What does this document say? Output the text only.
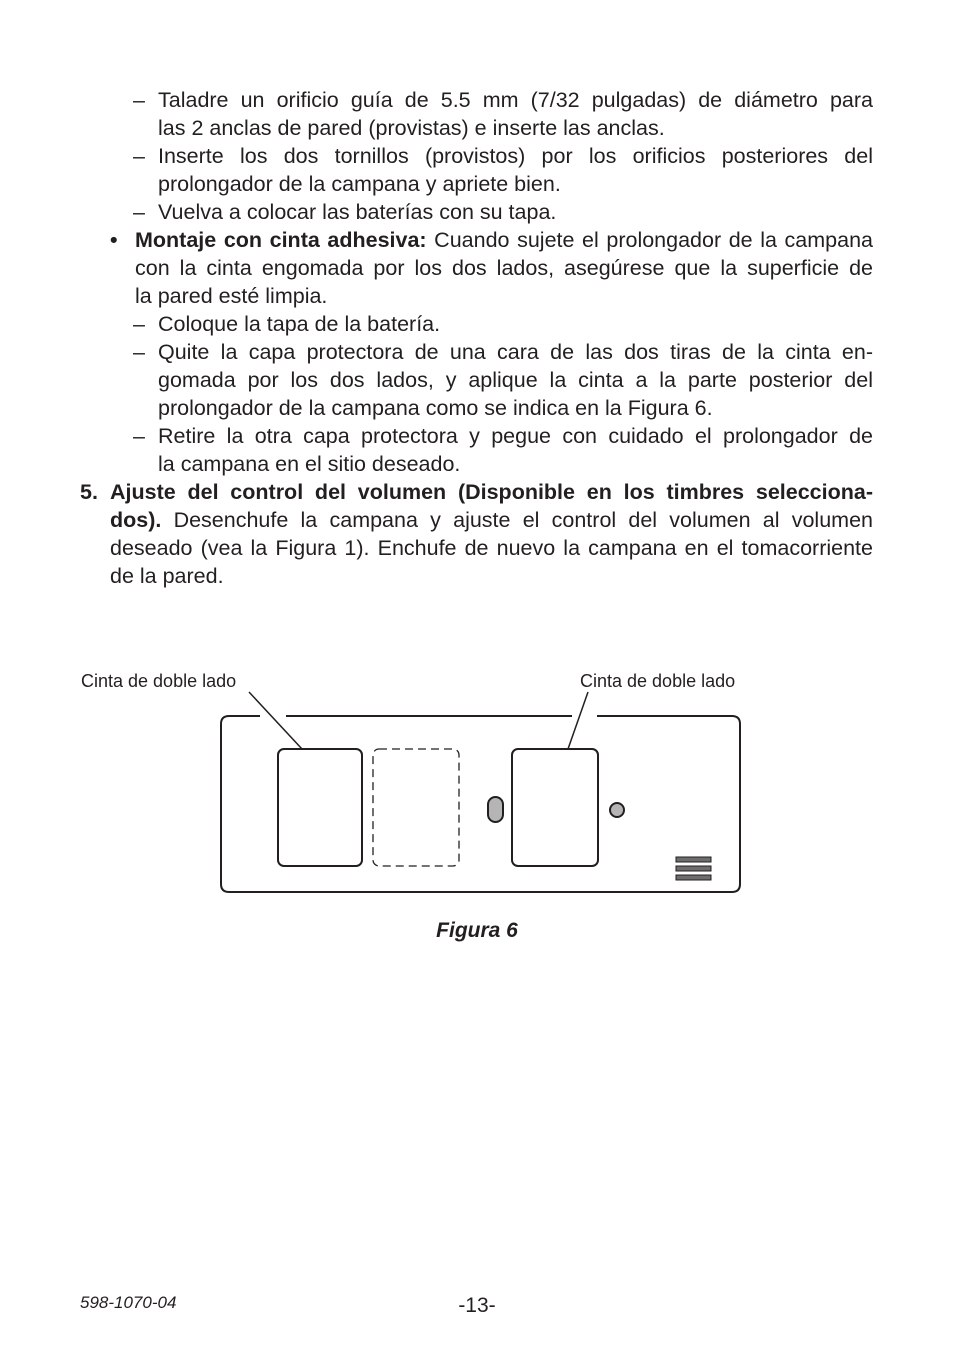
– Taladre un orificio guía de 5.5 mm (7/32 pulgadas) de diámetro para
las 2 anclas de pared (provistas) e inserte las anclas.
– Inserte los dos tornillos (provistos) por los orificios posteriores del
prolongador de la campana y apriete bien.
– Vuelva a colocar las baterías con su tapa.
• Montaje con cinta adhesiva: Cuando sujete el prolongador de la campana
con la cinta engomada por los dos lados, asegúrese que la superficie de
la pared esté limpia.
– Coloque la tapa de la batería.
– Quite la capa protectora de una cara de las dos tiras de la cinta en-
gomada por los dos lados, y aplique la cinta a la parte posterior del
prolongador de la campana como se indica en la Figura 6.
– Retire la otra capa protectora y pegue con cuidado el prolongador de
la campana en el sitio deseado.
5. Ajuste del control del volumen (Disponible en los timbres selecciona-
dos). Desenchufe la campana y ajuste el control del volumen al volumen
deseado (vea la Figura 1). Enchufe de nuevo la campana en el tomacorriente
de la pared.
Cinta de doble lado	Cinta de doble lado
Figura 6
598-1070-04	-13-
